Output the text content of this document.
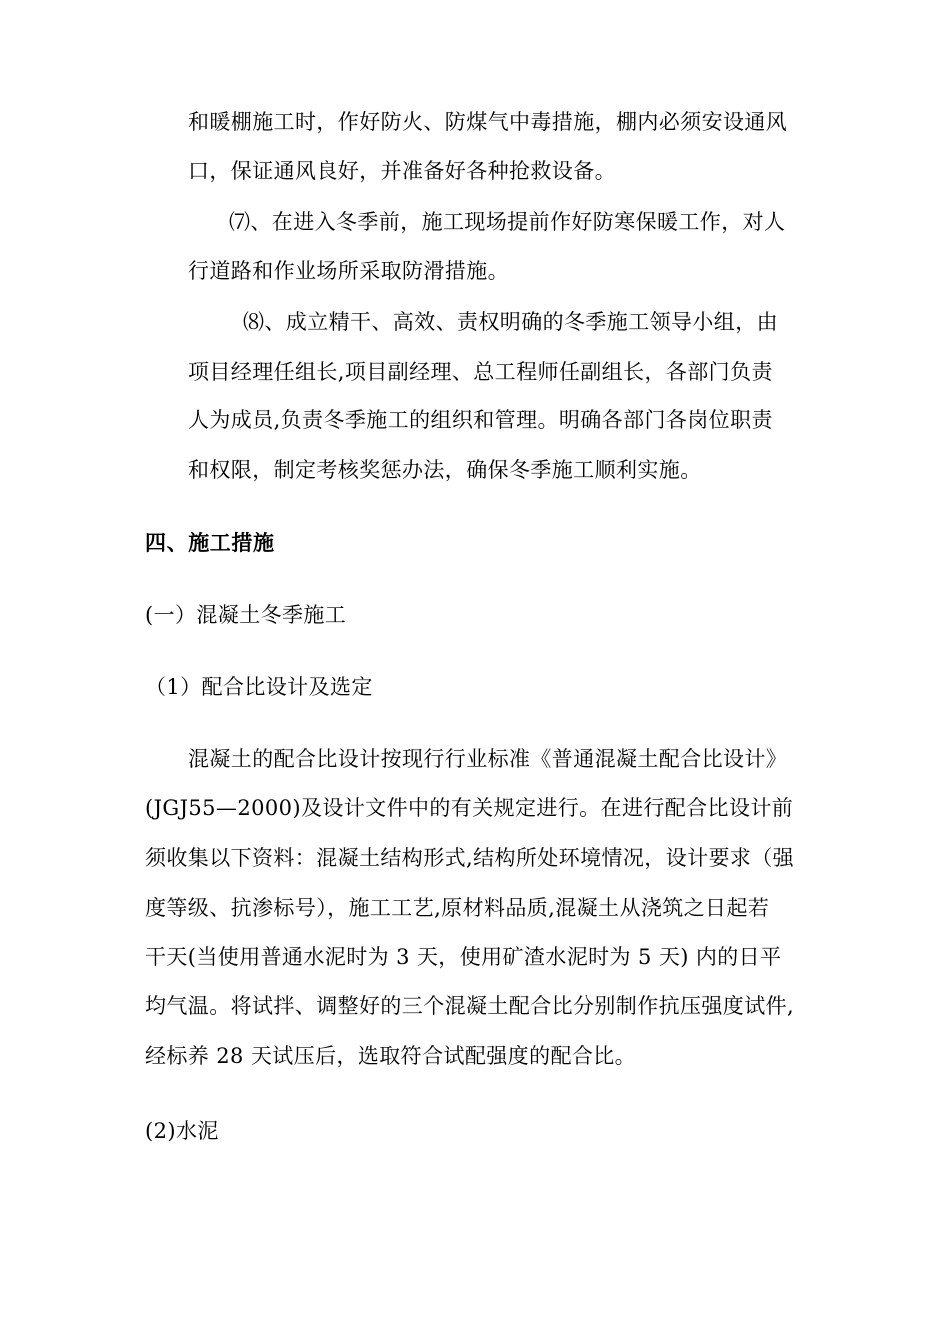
和暖棚施工时，作好防火、防煤气中毒措施，棚内必须安设通风
口，保证通风良好，并准备好各种抢救设备。
⑺、在进入冬季前，施工现场提前作好防寒保暖工作，对人
行道路和作业场所采取防滑措施。
⑻、成立精干、高效、责权明确的冬季施工领导小组，由
项目经理任组长,项目副经理、总工程师任副组长，各部门负责
人为成员,负责冬季施工的组织和管理。明确各部门各岗位职责
和权限，制定考核奖惩办法，确保冬季施工顺利实施。
四、施工措施
(一）混凝土冬季施工
（1）配合比设计及选定
混凝土的配合比设计按现行行业标准《普通混凝土配合比设计》
(JGJ55—2000)及设计文件中的有关规定进行。在进行配合比设计前
须收集以下资料：混凝土结构形式,结构所处环境情况，设计要求（强
度等级、抗渗标号），施工工艺,原材料品质,混凝土从浇筑之日起若
干天(当使用普通水泥时为 3 天，使用矿渣水泥时为 5 天) 内的日平
均气温。将试拌、调整好的三个混凝土配合比分别制作抗压强度试件,
经标养 28 天试压后，选取符合试配强度的配合比。
(2)水泥
